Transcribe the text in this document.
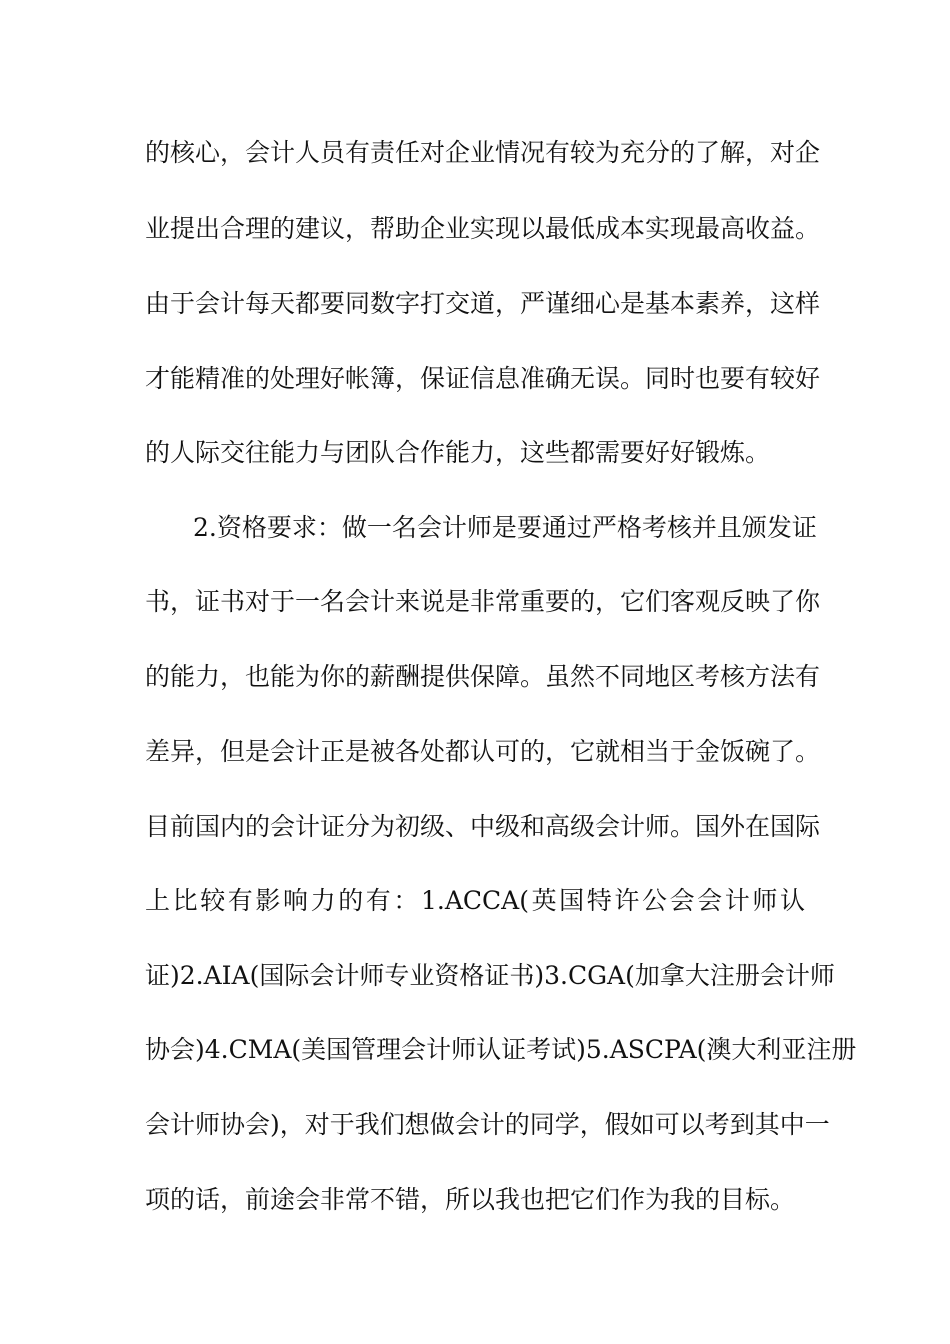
的核心，会计人员有责任对企业情况有较为充分的了解，对企
业提出合理的建议，帮助企业实现以最低成本实现最高收益。
由于会计每天都要同数字打交道，严谨细心是基本素养，这样
才能精准的处理好帐簿，保证信息准确无误。同时也要有较好
的人际交往能力与团队合作能力，这些都需要好好锻炼。
2.资格要求：做一名会计师是要通过严格考核并且颁发证
书，证书对于一名会计来说是非常重要的，它们客观反映了你
的能力，也能为你的薪酬提供保障。虽然不同地区考核方法有
差异，但是会计正是被各处都认可的，它就相当于金饭碗了。
目前国内的会计证分为初级、中级和高级会计师。国外在国际
上比较有影响力的有：1.ACCA(英国特许公会会计师认
证)2.AIA(国际会计师专业资格证书)3.CGA(加拿大注册会计师
协会)4.CMA(美国管理会计师认证考试)5.ASCPA(澳大利亚注册
会计师协会)，对于我们想做会计的同学，假如可以考到其中一
项的话，前途会非常不错，所以我也把它们作为我的目标。
